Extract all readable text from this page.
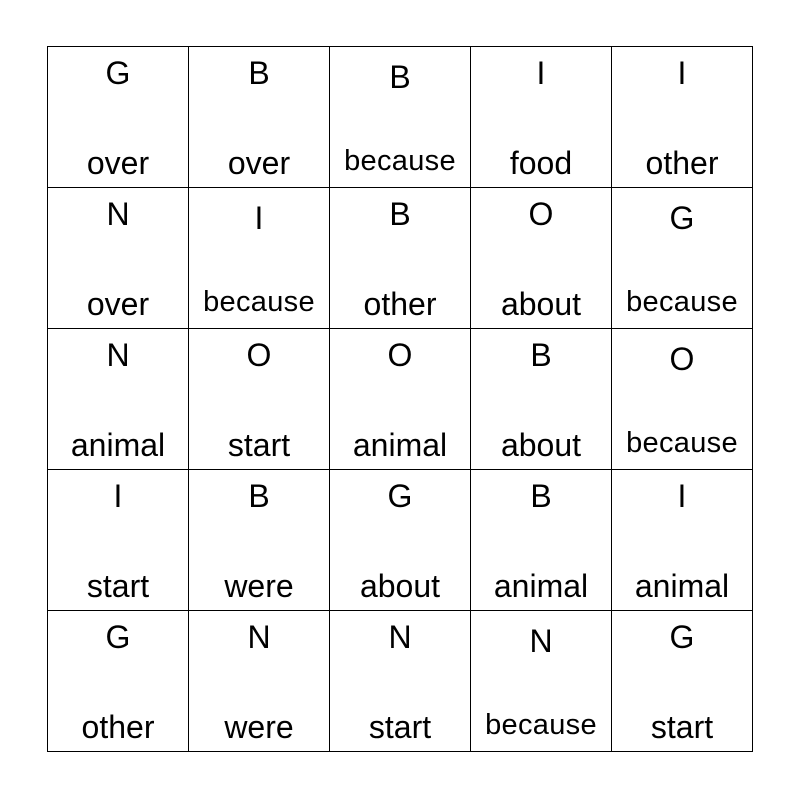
G
over
B
over
B
because
I
food
I
other
N
over
I
because
B
other
O
about
G
because
N
animal
O
start
O
animal
B
about
O
because
I
start
B
were
G
about
B
animal
I
animal
G
other
N
were
N
start
N
because
G
start
